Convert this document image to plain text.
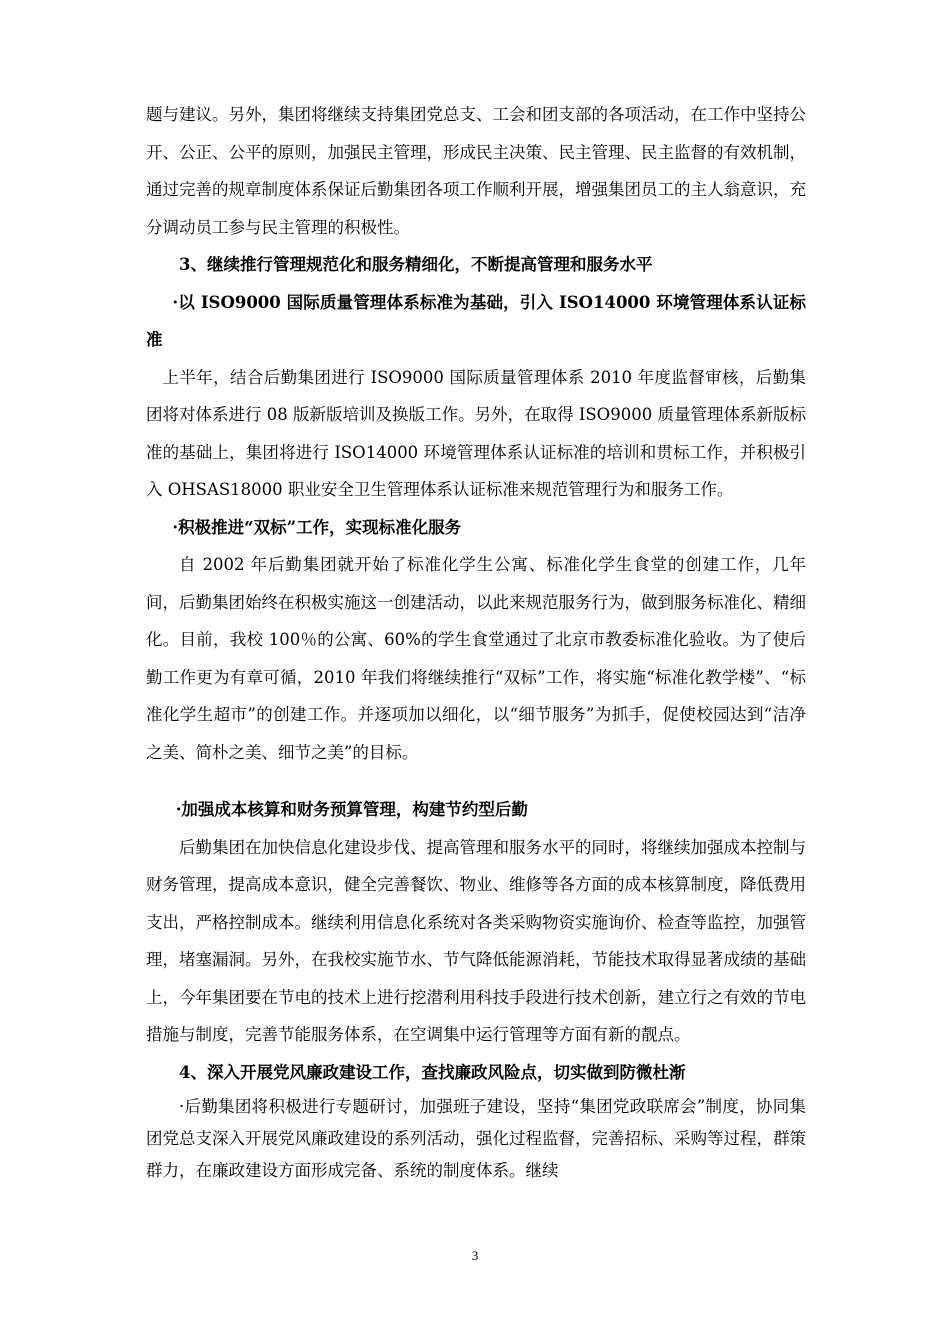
题与建议。另外，集团将继续支持集团党总支、工会和团支部的各项活动，在工作中坚持公开、公正、公平的原则，加强民主管理，形成民主决策、民主管理、民主监督的有效机制，通过完善的规章制度体系保证后勤集团各项工作顺利开展，增强集团员工的主人翁意识，充分调动员工参与民主管理的积极性。

3、继续推行管理规范化和服务精细化，不断提高管理和服务水平

·以 ISO9000 国际质量管理体系标准为基础，引入 ISO14000 环境管理体系认证标准

上半年，结合后勤集团进行 ISO9000 国际质量管理体系 2010 年度监督审核，后勤集团将对体系进行 08 版新版培训及换版工作。另外，在取得 ISO9000 质量管理体系新版标准的基础上，集团将进行 ISO14000 环境管理体系认证标准的培训和贯标工作，并积极引入 OHSAS18000 职业安全卫生管理体系认证标准来规范管理行为和服务工作。

·积极推进“双标”工作，实现标准化服务

自 2002 年后勤集团就开始了标准化学生公寓、标准化学生食堂的创建工作，几年间，后勤集团始终在积极实施这一创建活动，以此来规范服务行为，做到服务标准化、精细化。目前，我校 100％的公寓、60%的学生食堂通过了北京市教委标准化验收。为了使后勤工作更为有章可循，2010 年我们将继续推行“双标”工作，将实施“标准化教学楼”、“标准化学生超市”的创建工作。并逐项加以细化，以“细节服务”为抓手，促使校园达到“洁净之美、简朴之美、细节之美”的目标。

·加强成本核算和财务预算管理，构建节约型后勤

后勤集团在加快信息化建设步伐、提高管理和服务水平的同时，将继续加强成本控制与财务管理，提高成本意识，健全完善餐饮、物业、维修等各方面的成本核算制度，降低费用支出，严格控制成本。继续利用信息化系统对各类采购物资实施询价、检查等监控，加强管理，堵塞漏洞。另外，在我校实施节水、节气降低能源消耗，节能技术取得显著成绩的基础上，今年集团要在节电的技术上进行挖潜利用科技手段进行技术创新，建立行之有效的节电措施与制度，完善节能服务体系，在空调集中运行管理等方面有新的靓点。

4、深入开展党风廉政建设工作，查找廉政风险点，切实做到防微杜渐

·后勤集团将积极进行专题研讨，加强班子建设，坚持“集团党政联席会”制度，协同集团党总支深入开展党风廉政建设的系列活动，强化过程监督，完善招标、采购等过程，群策群力，在廉政建设方面形成完备、系统的制度体系。继续

3
